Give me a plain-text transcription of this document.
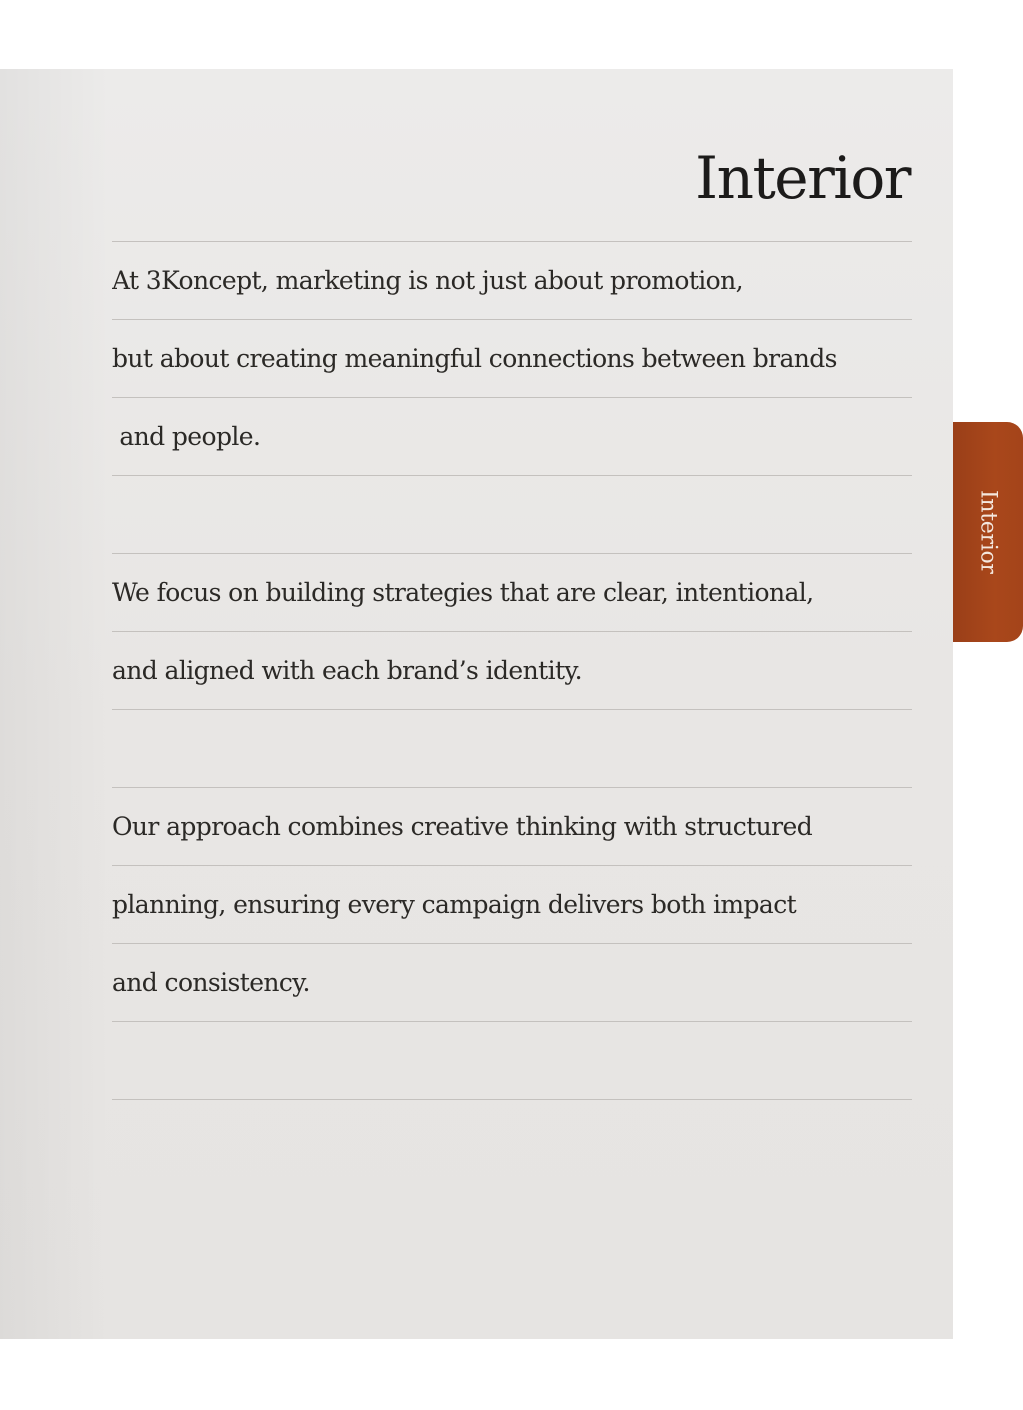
Interior
At 3Koncept, marketing is not just about promotion,
but about creating meaningful connections between brands
and people.
We focus on building strategies that are clear, intentional,
and aligned with each brand’s identity.
Our approach combines creative thinking with structured
planning, ensuring every campaign delivers both impact
and consistency.
Interior
